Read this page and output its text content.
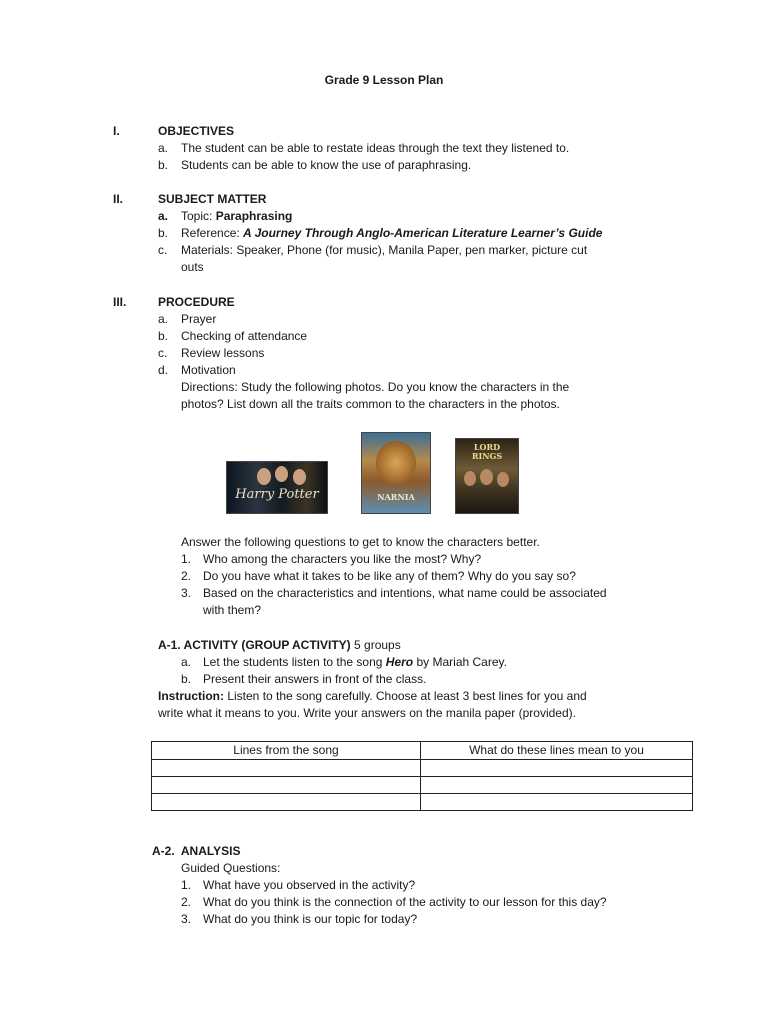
Grade 9 Lesson Plan
I.	OBJECTIVES
a. The student can be able to restate ideas through the text they listened to.
b. Students can be able to know the use of paraphrasing.
II.	SUBJECT MATTER
a. Topic: Paraphrasing
b. Reference: A Journey Through Anglo-American Literature Learner’s Guide
c. Materials: Speaker, Phone (for music), Manila Paper, pen marker, picture cut
outs
III.	PROCEDURE
a. Prayer
b. Checking of attendance
c. Review lessons
d. Motivation
Directions: Study the following photos. Do you know the characters in the
photos? List down all the traits common to the characters in the photos.
Harry Potter	NARNIA
LORD
RINGS
Answer the following questions to get to know the characters better.
1. Who among the characters you like the most? Why?
2. Do you have what it takes to be like any of them? Why do you say so?
3. Based on the characteristics and intentions, what name could be associated
with them?
A-1. ACTIVITY (GROUP ACTIVITY) 5 groups
a. Let the students listen to the song Hero by Mariah Carey.
b. Present their answers in front of the class.
Instruction: Listen to the song carefully. Choose at least 3 best lines for you and
write what it means to you. Write your answers on the manila paper (provided).
Lines from the song	What do these lines mean to you

A-2.  ANALYSIS
Guided Questions:
1. What have you observed in the activity?
2. What do you think is the connection of the activity to our lesson for this day?
3. What do you think is our topic for today?
